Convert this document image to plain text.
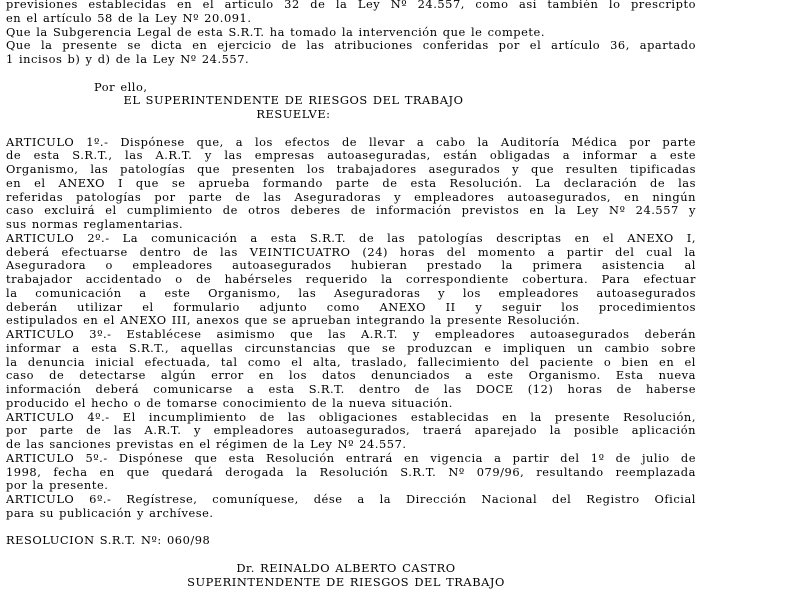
previsiones establecidas en el artículo 32 de la Ley Nº 24.557, como así también lo prescripto
en el artículo 58 de la Ley Nº 20.091.
Que la Subgerencia Legal de esta S.R.T. ha tomado la intervención que le compete.
Que la presente se dicta en ejercicio de las atribuciones conferidas por el artículo 36, apartado
1 incisos b) y d) de la Ley Nº 24.557.
Por ello,
EL SUPERINTENDENTE DE RIESGOS DEL TRABAJO
RESUELVE:
ARTICULO 1º.- Dispónese que, a los efectos de llevar a cabo la Auditoría Médica por parte
de esta S.R.T., las A.R.T. y las empresas autoaseguradas, están obligadas a informar a este
Organismo, las patologías que presenten los trabajadores asegurados y que resulten tipificadas
en el ANEXO I que se aprueba formando parte de esta Resolución. La declaración de las
referidas patologías por parte de las Aseguradoras y empleadores autoasegurados, en ningún
caso excluirá el cumplimiento de otros deberes de información previstos en la Ley Nº 24.557 y
sus normas reglamentarias.
ARTICULO 2º.- La comunicación a esta S.R.T. de las patologías descriptas en el ANEXO I,
deberá efectuarse dentro de las VEINTICUATRO (24) horas del momento a partir del cual la
Aseguradora o empleadores autoasegurados hubieran prestado la primera asistencia al
trabajador accidentado o de habérseles requerido la correspondiente cobertura. Para efectuar
la comunicación a este Organismo, las Aseguradoras y los empleadores autoasegurados
deberán utilizar el formulario adjunto como ANEXO II y seguir los procedimientos
estipulados en el ANEXO III, anexos que se aprueban integrando la presente Resolución.
ARTICULO 3º.- Establécese asimismo que las A.R.T. y empleadores autoasegurados deberán
informar a esta S.R.T., aquellas circunstancias que se produzcan e impliquen un cambio sobre
la denuncia inicial efectuada, tal como el alta, traslado, fallecimiento del paciente o bien en el
caso de detectarse algún error en los datos denunciados a este Organismo. Esta nueva
información deberá comunicarse a esta S.R.T. dentro de las DOCE (12) horas de haberse
producido el hecho o de tomarse conocimiento de la nueva situación.
ARTICULO 4º.- El incumplimiento de las obligaciones establecidas en la presente Resolución,
por parte de las A.R.T. y empleadores autoasegurados, traerá aparejado la posible aplicación
de las sanciones previstas en el régimen de la Ley Nº 24.557.
ARTICULO 5º.- Dispónese que esta Resolución entrará en vigencia a partir del 1º de julio de
1998, fecha en que quedará derogada la Resolución S.R.T. Nº 079/96, resultando reemplazada
por la presente.
ARTICULO 6º.- Regístrese, comuníquese, dése a la Dirección Nacional del Registro Oficial
para su publicación y archívese.
RESOLUCION S.R.T. Nº: 060/98
Dr. REINALDO ALBERTO CASTRO
SUPERINTENDENTE DE RIESGOS DEL TRABAJO
